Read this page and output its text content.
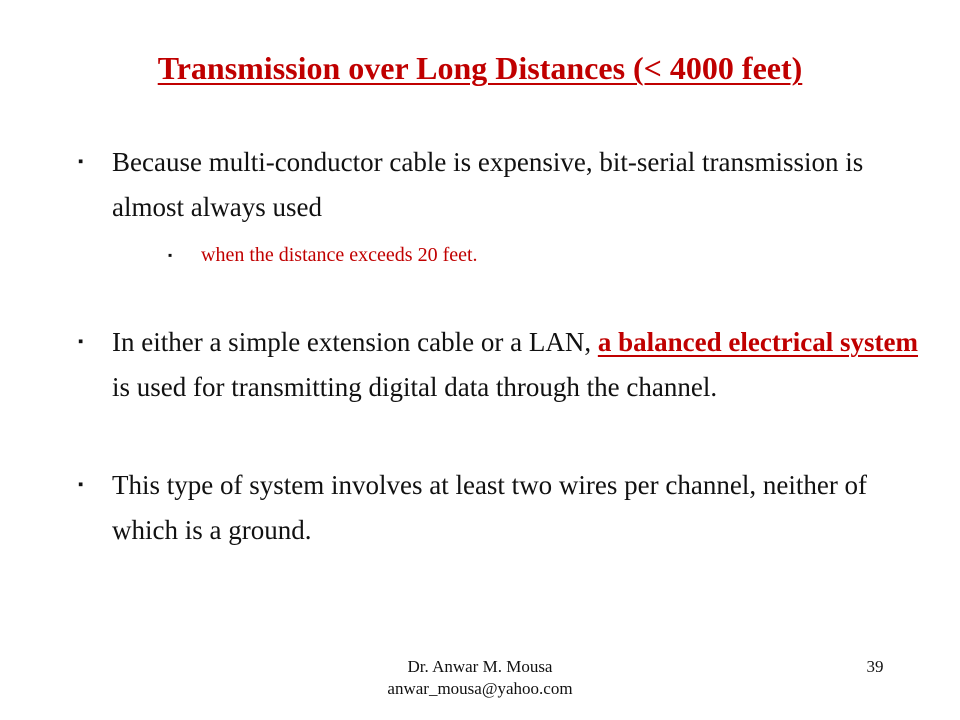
Transmission over Long Distances (< 4000 feet)
▪	Because multi-conductor cable is expensive, bit-serial transmission is almost always used
▪	when the distance exceeds 20 feet.
▪	In either a simple extension cable or a LAN, a balanced electrical system is used for transmitting digital data through the channel.
▪	This type of system involves at least two wires per channel, neither of which is a ground.
Dr. Anwar M. Mousa
anwar_mousa@yahoo.com
39
